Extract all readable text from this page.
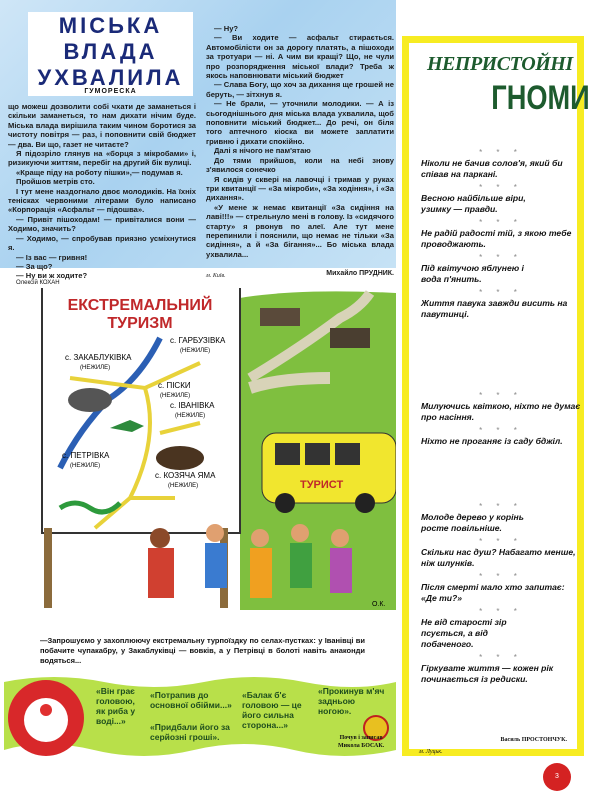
МІСЬКА
ВЛАДА
УХВАЛИЛА
ГУМОРЕСКА

що можеш дозволити собі чхати де заманеться і скільки заманеться, то нам дихати нічим буде. Міська влада вирішила таким чином боротися за чистоту повітря — раз, і поповнити свій бюджет — два. Ви що, газет не читаєте?

Я підозріло глянув на «борця з мікробами» і, ризикуючи життям, перебіг на другий бік вулиці.

«Краще піду на роботу пішки»,— подумав я.

Пройшов метрів сто.

І тут мене наздогнало двоє молодиків. На їхніх тенісках червоними літерами було написано «Корпорація «Асфальт — підошва».

— Привіт пішоходам! — привіталися вони — Ходимо, значить?

— Ходимо, — спробував приязно усміхнутися я.

— Із вас — гривня!

— За що?

— Ну ви ж ходите?

— Ну?

— Ви ходите — асфальт стирається. Автомобілісти он за дорогу платять, а пішоходи за тротуари — ні. А чим ви кращі? Що, не чули про розпорядження міської влади? Треба ж якось наповнювати міський бюджет

— Слава Богу, що хоч за дихання ще грошей не беруть, — зітхнув я.

— Не брали, — уточнили молодики. — А із сьогоднішнього дня міська влада ухвалила, щоб поповнити міський бюджет... До речі, он біля того аптечного кіоска ви можете заплатити гривню і дихати спокійно.

Далі я нічого не пам'ятаю

До тями прийшов, коли на небі знову з'явилося сонечко

Я сидів у сквері на лавочці і тримав у руках три квитанції — «За мікроби», «За ходіння», і «За дихання».

«У мене ж немає квитанції «За сидіння на лаві!!!» — стрельнуло мені в голову. Із «сидячого старту» я рвонув по алеї. Але тут мене перепинили і пояснили, що немає не тільки «За сидіння», а й «За бігання»... Бо міська влада ухвалила...

Михайло ПРУДНИК.
м. Київ.
Олексій КОХАН
ЕКСТРЕМАЛЬНИЙ
ТУРИЗМ
с. ЗАКАБЛУКІВКА
(НЕЖИЛЕ)
с. ГАРБУЗІВКА
(НЕЖИЛЕ)
с. ПІСКИ
(НЕЖИЛЕ)
с. ІВАНІВКА
(НЕЖИЛЕ)
с. ПЕТРІВКА
(НЕЖИЛЕ)
с. КОЗЯЧА ЯМА
(НЕЖИЛЕ)	ТУРИСТ
О.К.
—Запрошуємо у захоплюючу екстремальну турпоїздку по селах-пустках: у Іванівці ви побачите чупакабру, у Закаблуківці — вовків, а у Петрівці в болоті навіть анаконди водяться...
«Він грає головою, як риба у воді...»
«Потрапив до основної обійми...»
«Придбали його за серйозні гроші».
«Балак б'є головою — це його сильна сторона...»
«Прокинув м'яч задньою ногою».
Почув і записав
Микола БОСАК.
НЕПРИСТОЙНІ
ГНОМИ
* * *
Ніколи не бачив солов'я, який би співав на паркані.
* * *
Весною найбільше віри, узимку — правди.
* * *
Не радій радості тій, з якою тебе проводжають.
* * *
Під квітучою яблунею і вода п'янить.
* * *
Життя павука завжди висить на павутинці.
* * *
Милуючись квіткою, ніхто не думає про насіння.
* * *
Ніхто не проганяє із саду бджіл.
* * *
Молоде дерево у корінь росте повільніше.
* * *
Скільки нас душ? Набагато менше, ніж шлунків.
* * *
Після смерті мало хто запитає: «Де ти?»
* * *
Не від старості зір псується, а від побаченого.
* * *
Гіркувате життя — кожен рік починається із редиски.
Василь ПРОСТОНЧУК.
м. Луцьк.
3
